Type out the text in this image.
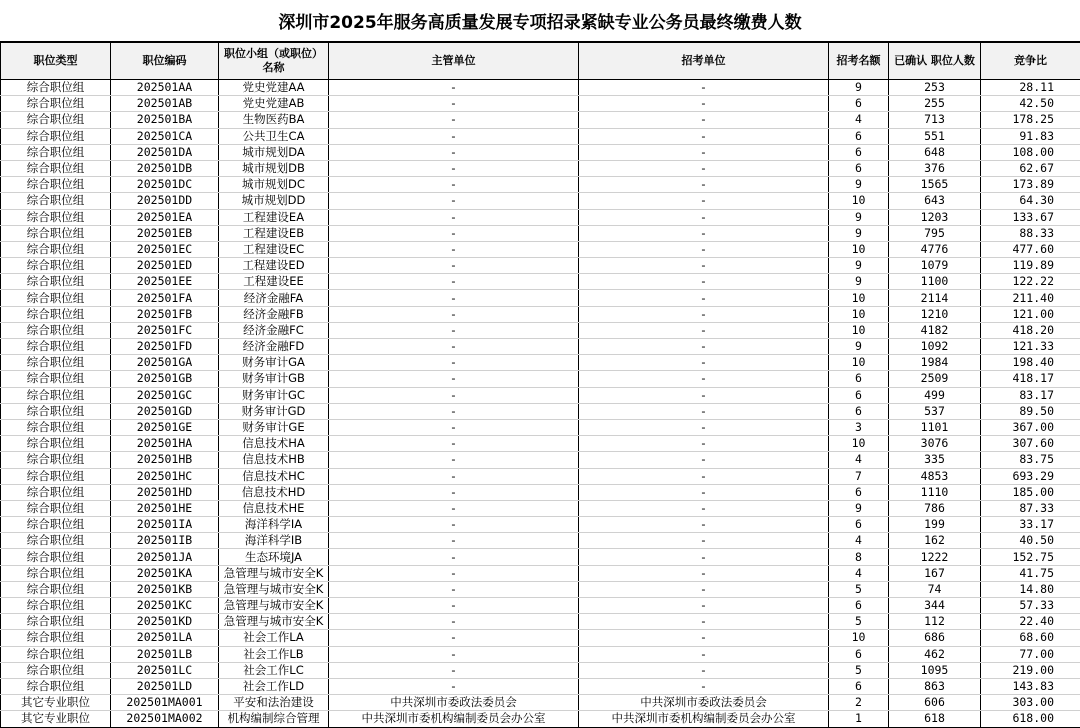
深圳市2025年服务高质量发展专项招录紧缺专业公务员最终缴费人数
职位类型	职位编码	职位小组（或职位）名称	主管单位	招考单位	招考名额	已确认 职位人数	竞争比
综合职位组	202501AA	党史党建AA	-	-	9	253	28.11
综合职位组	202501AB	党史党建AB	-	-	6	255	42.50
综合职位组	202501BA	生物医药BA	-	-	4	713	178.25
综合职位组	202501CA	公共卫生CA	-	-	6	551	91.83
综合职位组	202501DA	城市规划DA	-	-	6	648	108.00
综合职位组	202501DB	城市规划DB	-	-	6	376	62.67
综合职位组	202501DC	城市规划DC	-	-	9	1565	173.89
综合职位组	202501DD	城市规划DD	-	-	10	643	64.30
综合职位组	202501EA	工程建设EA	-	-	9	1203	133.67
综合职位组	202501EB	工程建设EB	-	-	9	795	88.33
综合职位组	202501EC	工程建设EC	-	-	10	4776	477.60
综合职位组	202501ED	工程建设ED	-	-	9	1079	119.89
综合职位组	202501EE	工程建设EE	-	-	9	1100	122.22
综合职位组	202501FA	经济金融FA	-	-	10	2114	211.40
综合职位组	202501FB	经济金融FB	-	-	10	1210	121.00
综合职位组	202501FC	经济金融FC	-	-	10	4182	418.20
综合职位组	202501FD	经济金融FD	-	-	9	1092	121.33
综合职位组	202501GA	财务审计GA	-	-	10	1984	198.40
综合职位组	202501GB	财务审计GB	-	-	6	2509	418.17
综合职位组	202501GC	财务审计GC	-	-	6	499	83.17
综合职位组	202501GD	财务审计GD	-	-	6	537	89.50
综合职位组	202501GE	财务审计GE	-	-	3	1101	367.00
综合职位组	202501HA	信息技术HA	-	-	10	3076	307.60
综合职位组	202501HB	信息技术HB	-	-	4	335	83.75
综合职位组	202501HC	信息技术HC	-	-	7	4853	693.29
综合职位组	202501HD	信息技术HD	-	-	6	1110	185.00
综合职位组	202501HE	信息技术HE	-	-	9	786	87.33
综合职位组	202501IA	海洋科学IA	-	-	6	199	33.17
综合职位组	202501IB	海洋科学IB	-	-	4	162	40.50
综合职位组	202501JA	生态环境JA	-	-	8	1222	152.75
综合职位组	202501KA	急管理与城市安全K	-	-	4	167	41.75
综合职位组	202501KB	急管理与城市安全K	-	-	5	74	14.80
综合职位组	202501KC	急管理与城市安全K	-	-	6	344	57.33
综合职位组	202501KD	急管理与城市安全K	-	-	5	112	22.40
综合职位组	202501LA	社会工作LA	-	-	10	686	68.60
综合职位组	202501LB	社会工作LB	-	-	6	462	77.00
综合职位组	202501LC	社会工作LC	-	-	5	1095	219.00
综合职位组	202501LD	社会工作LD	-	-	6	863	143.83
其它专业职位	202501MA001	平安和法治建设	中共深圳市委政法委员会	中共深圳市委政法委员会	2	606	303.00
其它专业职位	202501MA002	机构编制综合管理	中共深圳市委机构编制委员会办公室	中共深圳市委机构编制委员会办公室	1	618	618.00
